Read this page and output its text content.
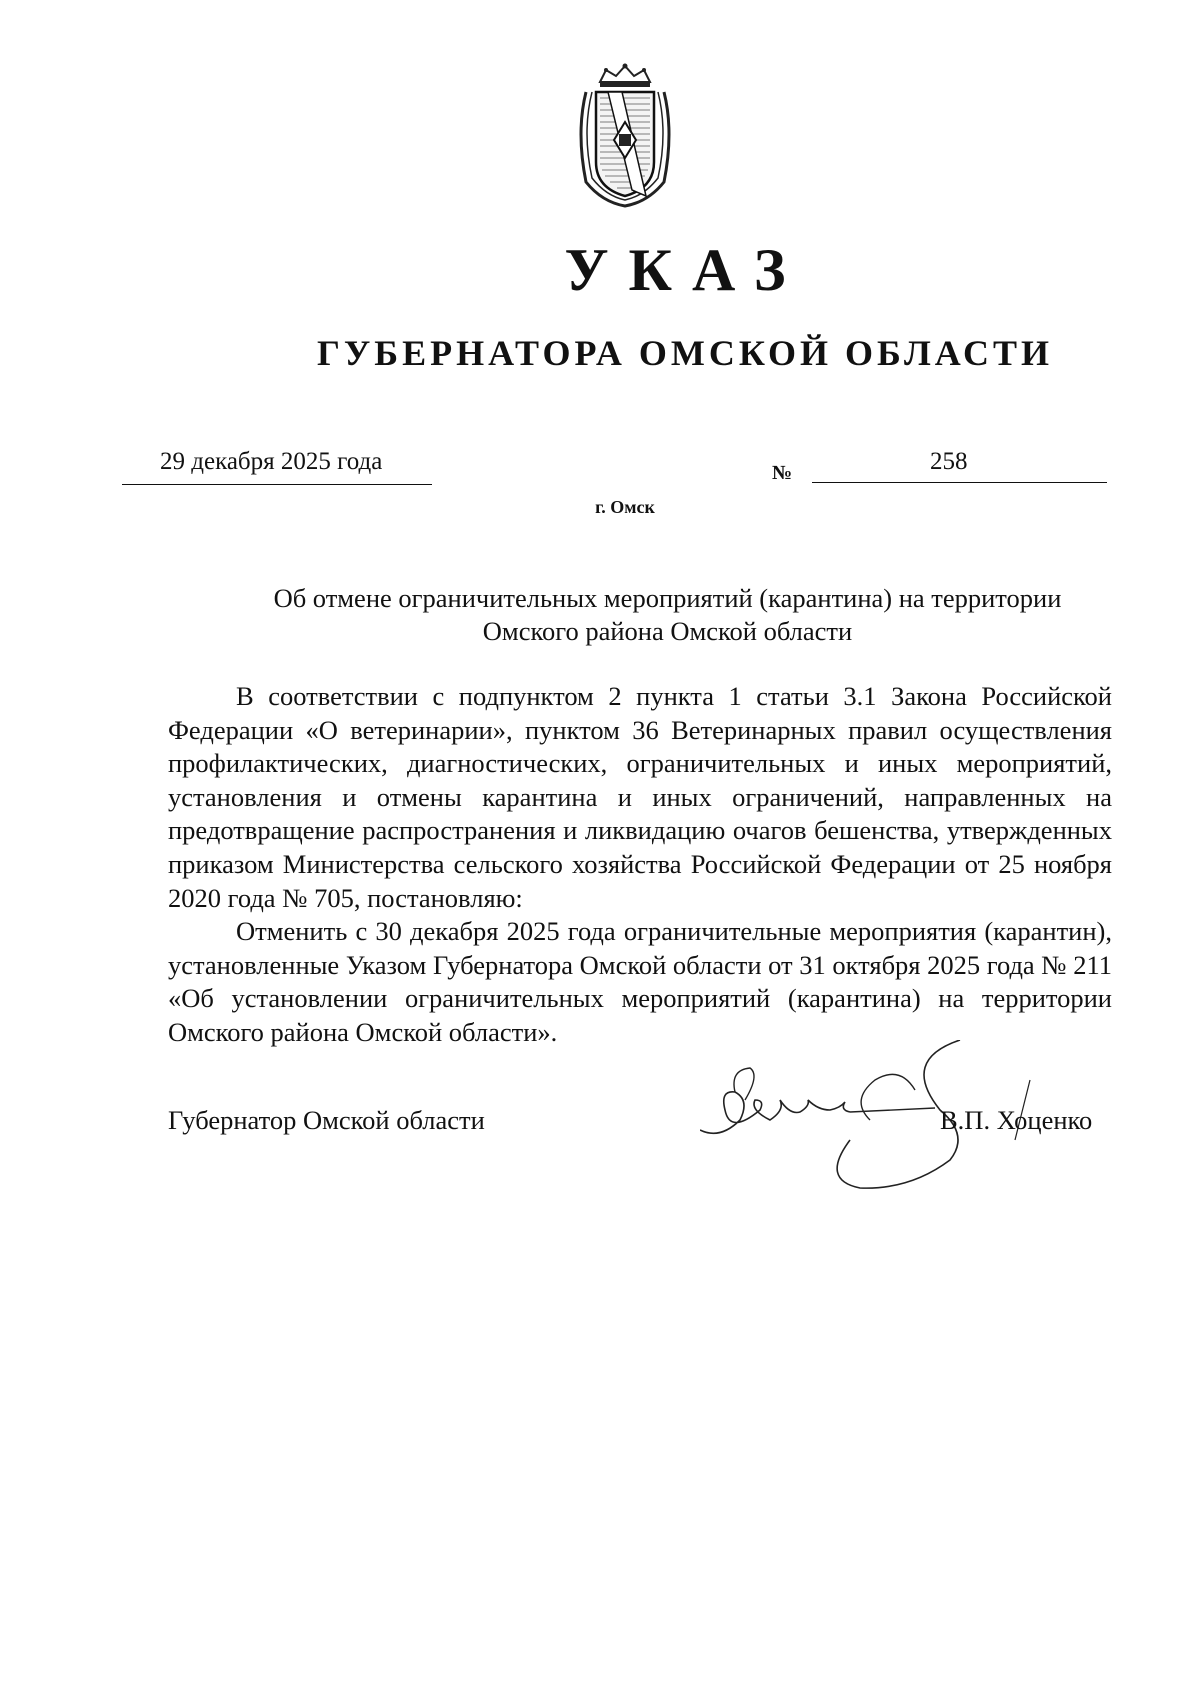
УКАЗ
ГУБЕРНАТОРА ОМСКОЙ ОБЛАСТИ
29 декабря 2025 года	№	258
г. Омск
Об отмене ограничительных мероприятий (карантина) на территории
Омского района Омской области

В соответствии с подпунктом 2 пункта 1 статьи 3.1 Закона Российской Федерации «О ветеринарии», пунктом 36 Ветеринарных правил осуществления профилактических, диагностических, ограничительных и иных мероприятий, установления и отмены карантина и иных ограничений, направленных на предотвращение распространения и ликвидацию очагов бешенства, утвержденных приказом Министерства сельского хозяйства Российской Федерации от 25 ноября 2020 года № 705, постановляю:

Отменить с 30 декабря 2025 года ограничительные мероприятия (карантин), установленные Указом Губернатора Омской области от 31 октября 2025 года № 211 «Об установлении ограничительных мероприятий (карантина) на территории Омского района Омской области».

Губернатор Омской области	В.П. Хоценко
